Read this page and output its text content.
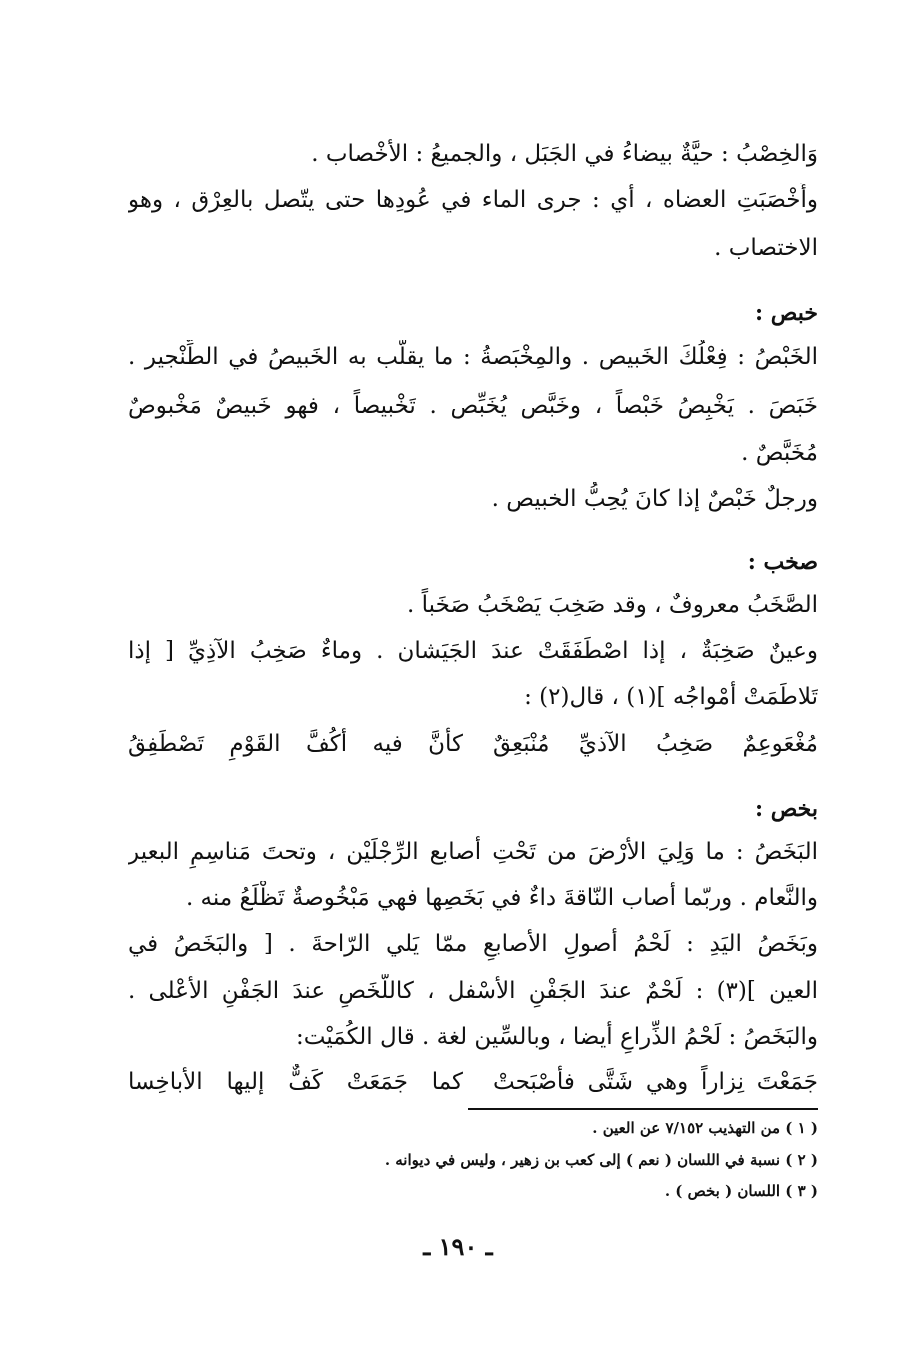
وَالخِصْبُ : حيَّةٌ بيضاءُ في الجَبَل ، والجميعُ : الأخْصاب .
وأَخْصَبَتِ العضاه ، أي : جرى الماء في عُودِها حتى يتّصل بالعِرْق ، وهو
الاختصاب .
خبص :
الخَبْصُ : فِعْلُكَ الخَبيص . والمِخْبَصةُ : ما يقلَّب به الخَبيصُ في الطِّنْجير .
خَبَصَ . يَخْبِصُ خَبْصاً ، وخَبَّص يُخَبِّص . تَخْبيصاً ، فهو خَبيصٌ مَخْبوصٌ
مُخَبَّصٌ .
ورجلٌ خَبْصٌ إذا كانَ يُحِبُّ الخبيص .
صخب :
الصَّخَبُ معروفٌ ، وقد صَخِبَ يَصْخَبُ صَخَباً .
وعينٌ صَخِبَةٌ ، إذا اصْطَفَقَتْ عندَ الجَيَشان . وماءٌ صَخِبُ الآذِيِّ [ إذا
تَلاطَمَتْ أمْواجُه ](١) ، قال(٢) :
مُغْعَوعِمٌ صَخِبُ الآذيِّ مُنْبَعِقٌ
كأنَّ فيه أكُفَّ القَوْمِ تَصْطَفِقُ
بخص :
البَخَصُ : ما وَلِيَ الأرْضَ من تَحْتِ أصابع الرِّجْلَيْن ، وتحتَ مَناسِمِ البعير
والنَّعام . وربّما أصاب النّاقةَ داءٌ في بَخَصِها فهي مَبْخُوصةٌ تَظْلَعُ منه .
وبَخَصُ اليَدِ : لَحْمُ أصولِ الأصابعِ ممّا يَلي الرّاحةَ . [ والبَخَصُ في
العين ](٣) : لَحْمٌ عندَ الجَفْنِ الأسْفل ، كاللَّخَصِ عندَ الجَفْنِ الأعْلى .
والبَخَصُ : لَحْمُ الذِّراعِ أيضا ، وبالسِّين لغة . قال الكُمَيْت:
جَمَعْتَ نِزاراً وهي شَتَّى فأصْبَحتْ
كما جَمَعَتْ كَفٌّ إليها الأباخِسا
( ١ ) من التهذيب ٧/١٥٢ عن العين .
( ٢ ) نسبة في اللسان ( نعم ) إلى كعب بن زهير ، وليس في ديوانه .
( ٣ ) اللسان ( بخص ) .
ـ ١٩٠ ـ
